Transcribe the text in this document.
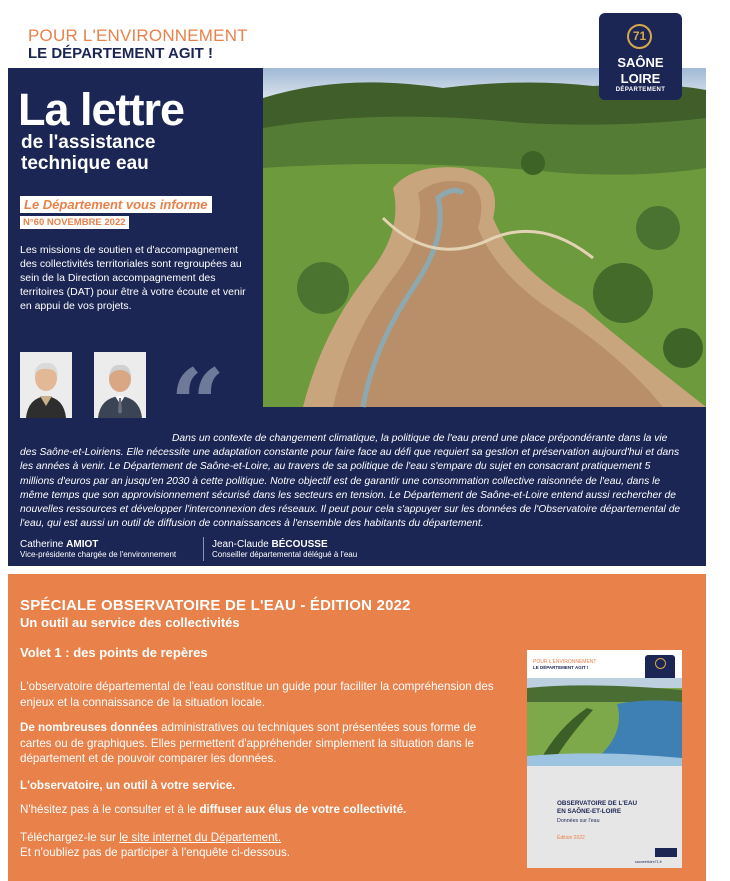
POUR L'ENVIRONNEMENT
LE DÉPARTEMENT AGIT !
71
SAÔNE
LOIRE
DÉPARTEMENT
Travaux de remise de la Mouge dans son lit d'origine - ©CD71
La lettre
de l'assistance
technique eau
Le Département vous informe
N°60 NOVEMBRE 2022
Les missions de soutien et d'accompagnement des collectivités territoriales sont regroupées au sein de la Direction accompagnement des territoires (DAT) pour être à votre écoute et venir en appui de vos projets.
“
Dans un contexte de changement climatique, la politique de l'eau prend une place prépondérante dans la vie des Saône-et-Loiriens. Elle nécessite une adaptation constante pour faire face au défi que requiert sa gestion et préservation aujourd'hui et dans les années à venir. Le Département de Saône-et-Loire, au travers de sa politique de l'eau s'empare du sujet en consacrant pratiquement 5 millions d'euros par an jusqu'en 2030 à cette politique. Notre objectif est de garantir une consommation collective raisonnée de l'eau, dans le même temps que son approvisionnement sécurisé dans les secteurs en tension. Le Département de Saône-et-Loire entend aussi rechercher de nouvelles ressources et développer l'interconnexion des réseaux. Il peut pour cela s'appuyer sur les données de l'Observatoire départemental de l'eau, qui est aussi un outil de diffusion de connaissances à l'ensemble des habitants du département.
Catherine AMIOT
Vice-présidente chargée de l'environnement
Jean-Claude BÉCOUSSE
Conseiller départemental délégué à l'eau
SPÉCIALE OBSERVATOIRE DE L'EAU - ÉDITION 2022
Un outil au service des collectivités
Volet 1 : des points de repères
L'observatoire départemental de l'eau constitue un guide pour faciliter la compréhension des enjeux et la connaissance de la situation locale.
De nombreuses données administratives ou techniques sont présentées sous forme de cartes ou de graphiques. Elles permettent d'appréhender simplement la situation dans le département et de pouvoir comparer les données.
L'observatoire, un outil à votre service.
N'hésitez pas à le consulter et à le diffuser aux élus de votre collectivité.
Téléchargez-le sur le site internet du Département.
Et n'oubliez pas de participer à l'enquête ci-dessous.
POUR L'ENVIRONNEMENT
LE DÉPARTEMENT AGIT !
OBSERVATOIRE DE L'EAU
EN SAÔNE-ET-LOIRE
Données sur l'eau
Édition 2022
saoneetloire71.fr
